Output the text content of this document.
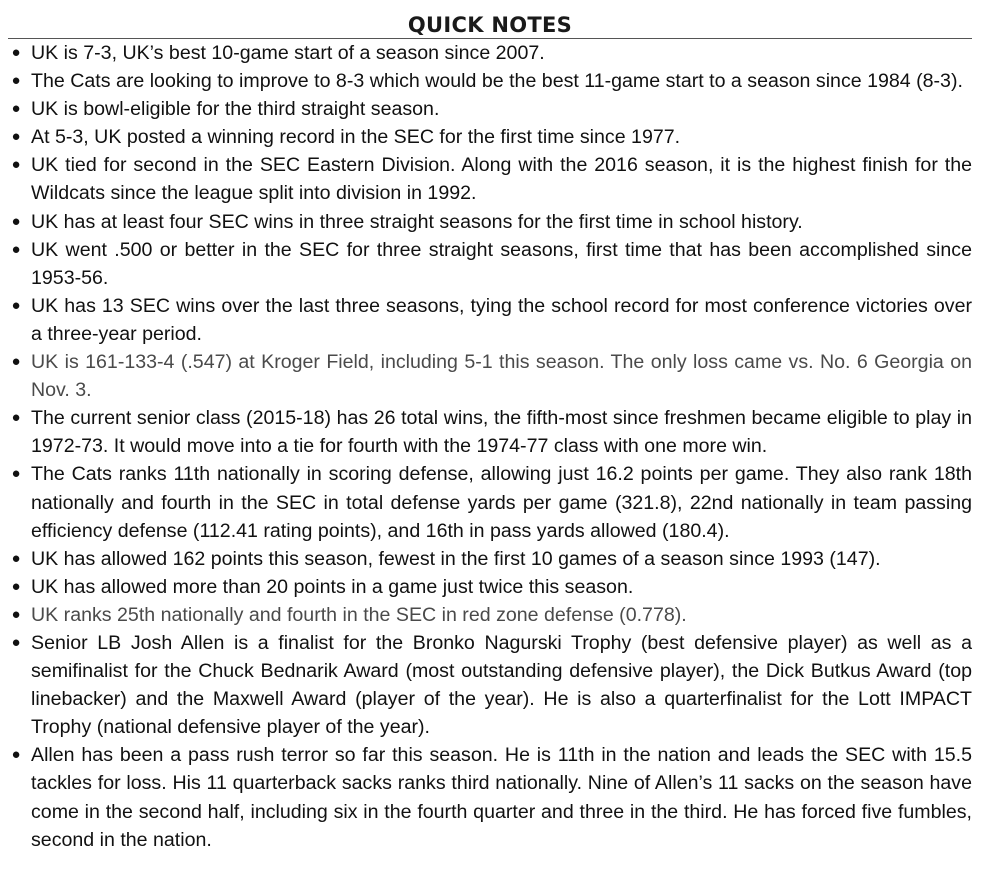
QUICK NOTES
● UK is 7-3, UK’s best 10-game start of a season since 2007.
● The Cats are looking to improve to 8-3 which would be the best 11-game start to a season since 1984 (8-3).
● UK is bowl-eligible for the third straight season.
● At 5-3, UK posted a winning record in the SEC for the first time since 1977.
● UK tied for second in the SEC Eastern Division. Along with the 2016 season, it is the highest finish for the Wildcats since the league split into division in 1992.
● UK has at least four SEC wins in three straight seasons for the first time in school history.
● UK went .500 or better in the SEC for three straight seasons, first time that has been accomplished since 1953-56.
● UK has 13 SEC wins over the last three seasons, tying the school record for most conference victories over a three-year period.
● UK is 161-133-4 (.547) at Kroger Field, including 5-1 this season. The only loss came vs. No. 6 Georgia on Nov. 3.
● The current senior class (2015-18) has 26 total wins, the fifth-most since freshmen became eligible to play in 1972-73. It would move into a tie for fourth with the 1974-77 class with one more win.
● The Cats ranks 11th nationally in scoring defense, allowing just 16.2 points per game. They also rank 18th nationally and fourth in the SEC in total defense yards per game (321.8), 22nd nationally in team passing efficiency defense (112.41 rating points), and 16th in pass yards allowed (180.4).
● UK has allowed 162 points this season, fewest in the first 10 games of a season since 1993 (147).
● UK has allowed more than 20 points in a game just twice this season.
● UK ranks 25th nationally and fourth in the SEC in red zone defense (0.778).
● Senior LB Josh Allen is a finalist for the Bronko Nagurski Trophy (best defensive player) as well as a semifinalist for the Chuck Bednarik Award (most outstanding defensive player), the Dick Butkus Award (top linebacker) and the Maxwell Award (player of the year). He is also a quarterfinalist for the Lott IMPACT Trophy (national defensive player of the year).
● Allen has been a pass rush terror so far this season. He is 11th in the nation and leads the SEC with 15.5 tackles for loss. His 11 quarterback sacks ranks third nationally. Nine of Allen’s 11 sacks on the season have come in the second half, including six in the fourth quarter and three in the third. He has forced five fumbles, second in the nation.
